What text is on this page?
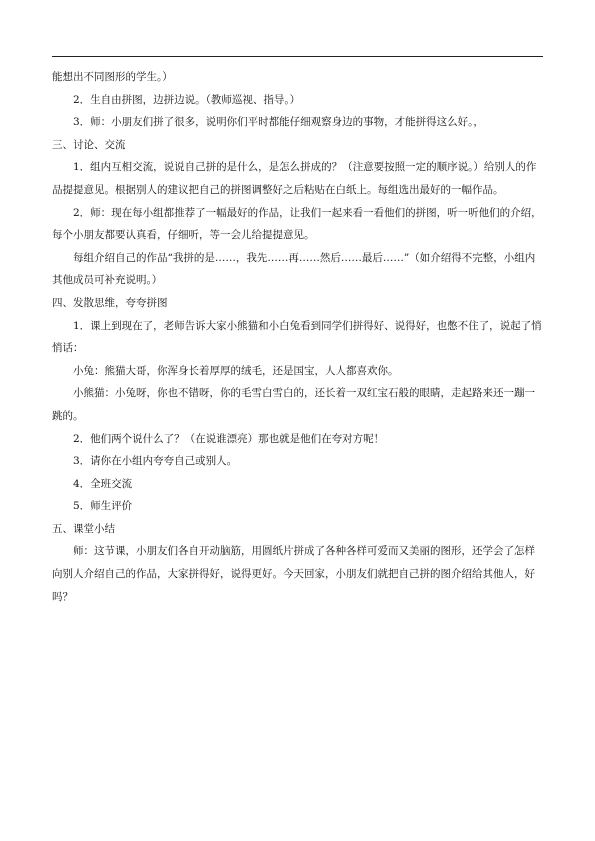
能想出不同图形的学生。）

2．生自由拼图，边拼边说。（教师巡视、指导。）

3．师：小朋友们拼了很多，说明你们平时都能仔细观察身边的事物，才能拼得这么好。，

三、讨论、交流

1．组内互相交流，说说自己拼的是什么，是怎么拼成的？（注意要按照一定的顺序说。）给别人的作品提提意见。根据别人的建议把自己的拼图调整好之后粘贴在白纸上。每组选出最好的一幅作品。

2．师：现在每小组都推荐了一幅最好的作品，让我们一起来看一看他们的拼图，听一听他们的介绍，每个小朋友都要认真看，仔细听，等一会儿给提提意见。

每组介绍自己的作品“我拼的是……，我先……再……然后……最后……”（如介绍得不完整，小组内其他成员可补充说明。）

四、发散思维，夸夸拼图

1．课上到现在了，老师告诉大家小熊猫和小白兔看到同学们拼得好、说得好，也憋不住了，说起了悄悄话：

小兔：熊猫大哥，你浑身长着厚厚的绒毛，还是国宝，人人都喜欢你。

小熊猫：小兔呀，你也不错呀，你的毛雪白雪白的，还长着一双红宝石般的眼睛，走起路来还一蹦一跳的。

2．他们两个说什么了？（在说谁漂亮）那也就是他们在夸对方呢！

3．请你在小组内夸夸自己或别人。

4．全班交流

5．师生评价

五、课堂小结

师：这节课，小朋友们各自开动脑筋，用圆纸片拼成了各种各样可爱而又美丽的图形，还学会了怎样向别人介绍自己的作品，大家拼得好，说得更好。今天回家，小朋友们就把自己拼的图介绍给其他人，好吗？
